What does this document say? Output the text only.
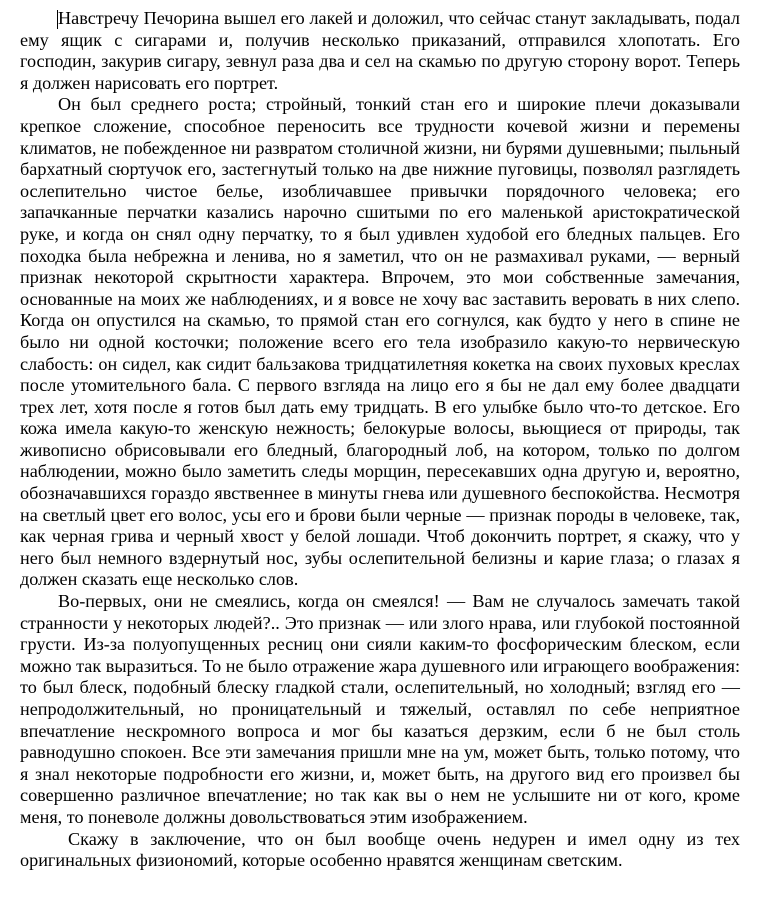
Навстречу Печорина вышел его лакей и доложил, что сейчас станут закладывать, подал ему ящик с сигарами и, получив несколько приказаний, отправился хлопотать. Его господин, закурив сигару, зевнул раза два и сел на скамью по другую сторону ворот. Теперь я должен нарисовать его портрет.

Он был среднего роста; стройный, тонкий стан его и широкие плечи доказывали крепкое сложение, способное переносить все трудности кочевой жизни и перемены климатов, не побежденное ни развратом столичной жизни, ни бурями душевными; пыльный бархатный сюртучок его, застегнутый только на две нижние пуговицы, позволял разглядеть ослепительно чистое белье, изобличавшее привычки порядочного человека; его запачканные перчатки казались нарочно сшитыми по его маленькой аристократической руке, и когда он снял одну перчатку, то я был удивлен худобой его бледных пальцев. Его походка была небрежна и ленива, но я заметил, что он не размахивал руками, — верный признак некоторой скрытности характера. Впрочем, это мои собственные замечания, основанные на моих же наблюдениях, и я вовсе не хочу вас заставить веровать в них слепо. Когда он опустился на скамью, то прямой стан его согнулся, как будто у него в спине не было ни одной косточки; положение всего его тела изобразило какую-то нервическую слабость: он сидел, как сидит бальзакова тридцатилетняя кокетка на своих пуховых креслах после утомительного бала. С первого взгляда на лицо его я бы не дал ему более двадцати трех лет, хотя после я готов был дать ему тридцать. В его улыбке было что-то детское. Его кожа имела какую-то женскую нежность; белокурые волосы, вьющиеся от природы, так живописно обрисовывали его бледный, благородный лоб, на котором, только по долгом наблюдении, можно было заметить следы морщин, пересекавших одна другую и, вероятно, обозначавшихся гораздо явственнее в минуты гнева или душевного беспокойства. Несмотря на светлый цвет его волос, усы его и брови были черные — признак породы в человеке, так, как черная грива и черный хвост у белой лошади. Чтоб докончить портрет, я скажу, что у него был немного вздернутый нос, зубы ослепительной белизны и карие глаза; о глазах я должен сказать еще несколько слов.

Во-первых, они не смеялись, когда он смеялся! — Вам не случалось замечать такой странности у некоторых людей?.. Это признак — или злого нрава, или глубокой постоянной грусти. Из-за полуопущенных ресниц они сияли каким-то фосфорическим блеском, если можно так выразиться. То не было отражение жара душевного или играющего воображения: то был блеск, подобный блеску гладкой стали, ослепительный, но холодный; взгляд его — непродолжительный, но проницательный и тяжелый, оставлял по себе неприятное впечатление нескромного вопроса и мог бы казаться дерзким, если б не был столь равнодушно спокоен. Все эти замечания пришли мне на ум, может быть, только потому, что я знал некоторые подробности его жизни, и, может быть, на другого вид его произвел бы совершенно различное впечатление; но так как вы о нем не услышите ни от кого, кроме меня, то поневоле должны довольствоваться этим изображением.

Скажу в заключение, что он был вообще очень недурен и имел одну из тех оригинальных физиономий, которые особенно нравятся женщинам светским.
